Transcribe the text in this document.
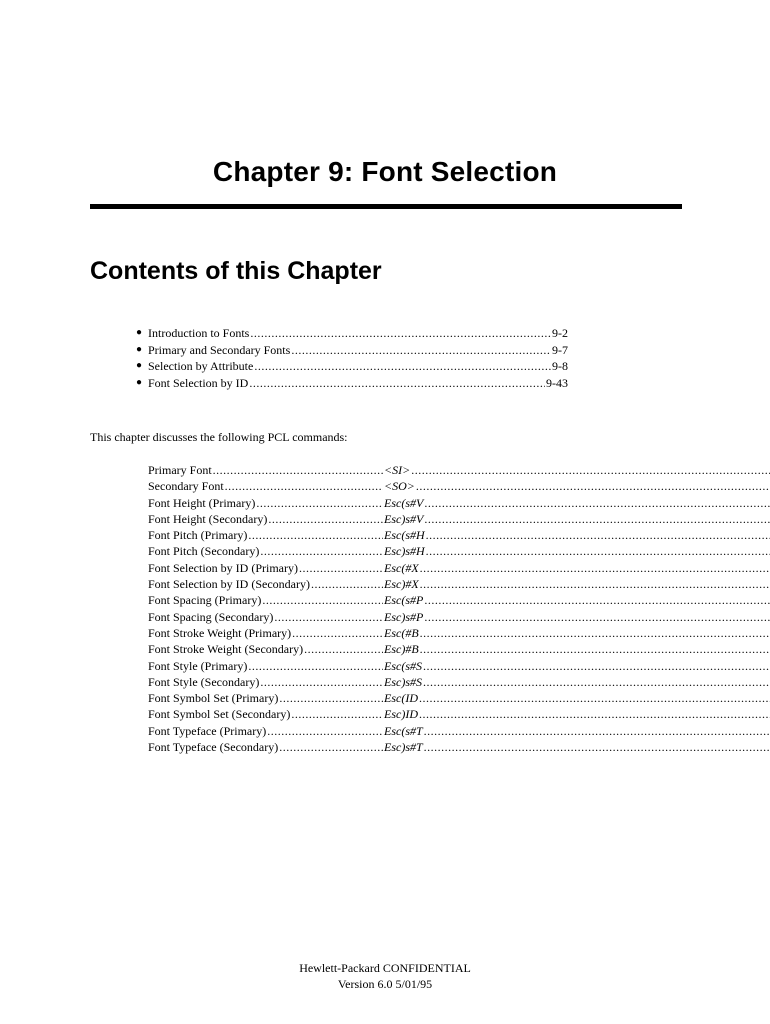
Chapter 9: Font Selection
Contents of this Chapter
● Introduction to Fonts .....	9-2
● Primary and Secondary Fonts .....	9-7
● Selection by Attribute .....	9-8
● Font Selection by ID .....	9-43
This chapter discusses the following PCL commands:
Primary Font .....	<SI>
.....
Secondary Font .....	<SO>
.....
Font Height (Primary) .....	Esc(s#V
.....
Font Height (Secondary) .....	Esc)s#V
.....
Font Pitch (Primary) .....	Esc(s#H
.....
Font Pitch (Secondary) .....	Esc)s#H
.....
Font Selection by ID (Primary) .....	Esc(#X
.....
Font Selection by ID (Secondary) .....	Esc)#X
.....
Font Spacing (Primary) .....	Esc(s#P
.....
Font Spacing (Secondary) .....	Esc)s#P
.....
Font Stroke Weight (Primary) .....	Esc(#B
.....
Font Stroke Weight (Secondary) .....	Esc)#B
.....
Font Style (Primary) .....	Esc(s#S
.....
Font Style (Secondary) .....	Esc)s#S
.....
Font Symbol Set (Primary) .....	Esc(ID
.....
Font Symbol Set (Secondary) .....	Esc)ID
.....
Font Typeface (Primary) .....	Esc(s#T
.....
Font Typeface (Secondary) .....	Esc)s#T
.....
Hewlett-Packard CONFIDENTIAL
Version 6.0 5/01/95
